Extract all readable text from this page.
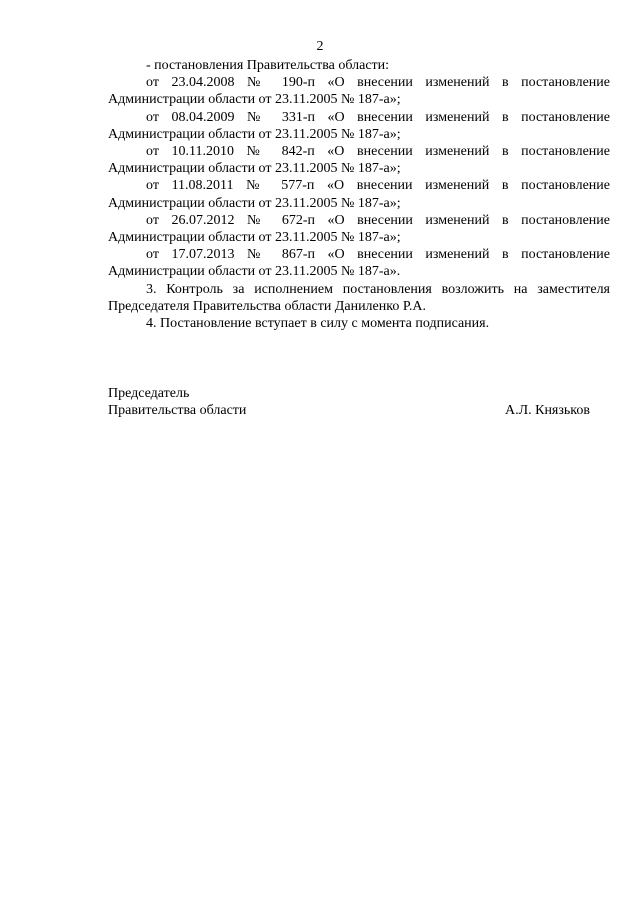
2

- постановления Правительства области:

от 23.04.2008 № 190-п «О внесении изменений в постановление Администрации области от 23.11.2005 № 187-а»;

от 08.04.2009 № 331-п «О внесении изменений в постановление Администрации области от 23.11.2005 № 187-а»;

от 10.11.2010 № 842-п «О внесении изменений в постановление Администрации области от 23.11.2005 № 187-а»;

от 11.08.2011 № 577-п «О внесении изменений в постановление Администрации области от 23.11.2005 № 187-а»;

от 26.07.2012 № 672-п «О внесении изменений в постановление Администрации области от 23.11.2005 № 187-а»;

от 17.07.2013 № 867-п «О внесении изменений в постановление Администрации области от 23.11.2005 № 187-а».

3. Контроль за исполнением постановления возложить на заместителя Председателя Правительства области Даниленко Р.А.

4. Постановление вступает в силу с момента подписания.

Председатель
Правительства области	А.Л. Князьков
